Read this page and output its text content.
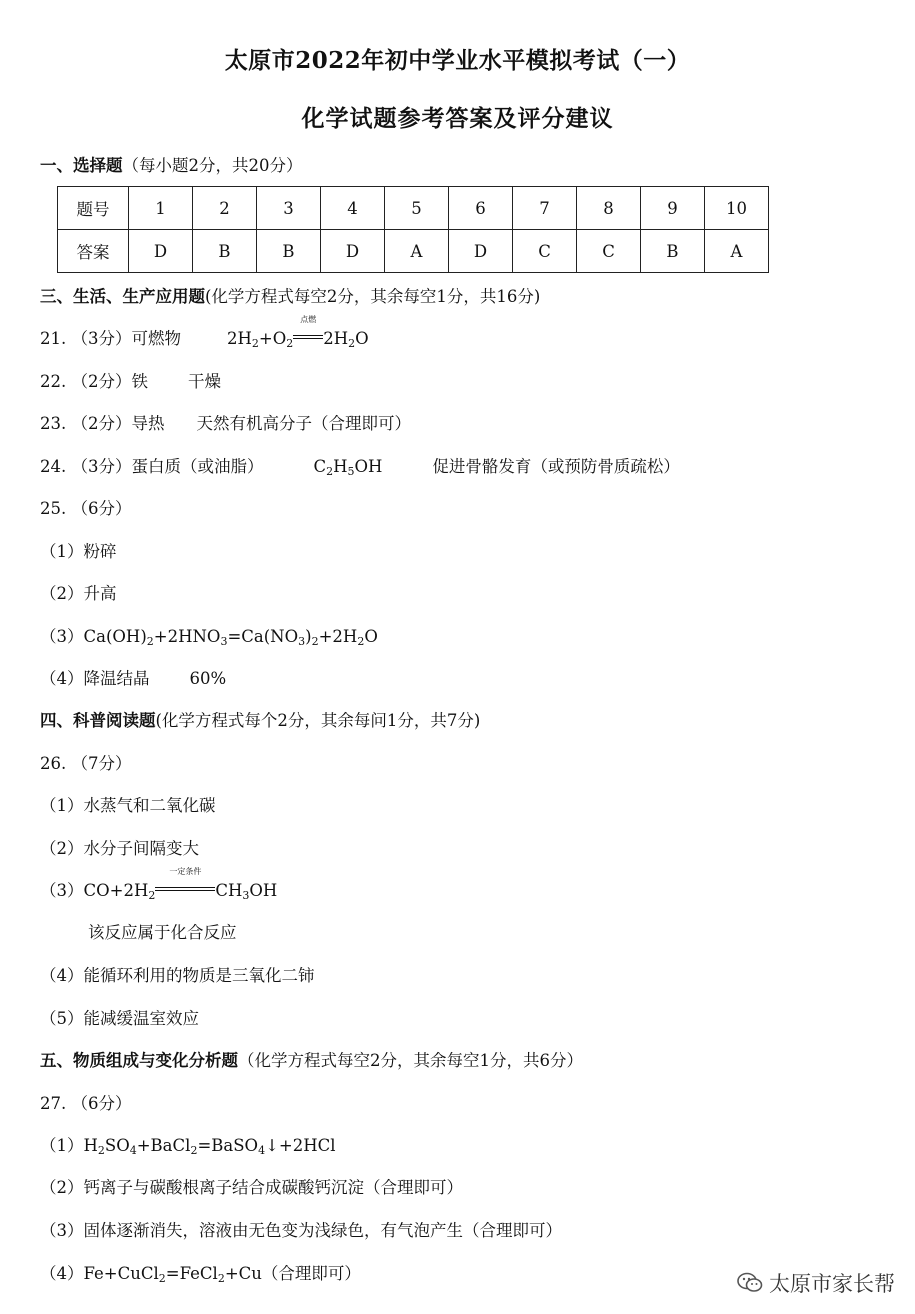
太原市2022年初中学业水平模拟考试（一）
化学试题参考答案及评分建议
一、选择题（每小题2分，共20分）
题号	1	2	3	4	5	6	7	8	9	10
答案	D	B	B	D	A	D	C	C	B	A
三、生活、生产应用题(化学方程式每空2分，其余每空1分，共16分)
21. （3分）可燃物	$2H_2+O_2$
点燃
$2H_2O$
22. （2分）铁 干燥
23. （2分）导热 天然有机高分子（合理即可）
24. （3分）蛋白质（或油脂）	$C_2H_5OH$	促进骨骼发育（或预防骨质疏松）
25. （6分）
（1）粉碎
（2）升高
$(3)Ca(OH)_2+2HNO_3=Ca(NO_3)_2+2H_2O$
（4）降温结晶 60%
四、科普阅读题(化学方程式每个2分，其余每问1分，共7分)
26. （7分）
（1）水蒸气和二氧化碳
（2）水分子间隔变大
$(3)CO+2H_2$
一定条件
$CH_3OH$
该反应属于化合反应
（4）能循环利用的物质是三氧化二铈
（5）能减缓温室效应
五、物质组成与变化分析题（化学方程式每空2分，其余每空1分，共6分）
27. （6分）
$(1)H_2SO_4+BaCl_2=BaSO_4↓+2HCl$
（2）钙离子与碳酸根离子结合成碳酸钙沉淀（合理即可）
（3）固体逐渐消失，溶液由无色变为浅绿色，有气泡产生（合理即可）
（4）Fe+CuCl$_2$=FeCl$_2$+Cu（合理即可）	太原市家长帮
